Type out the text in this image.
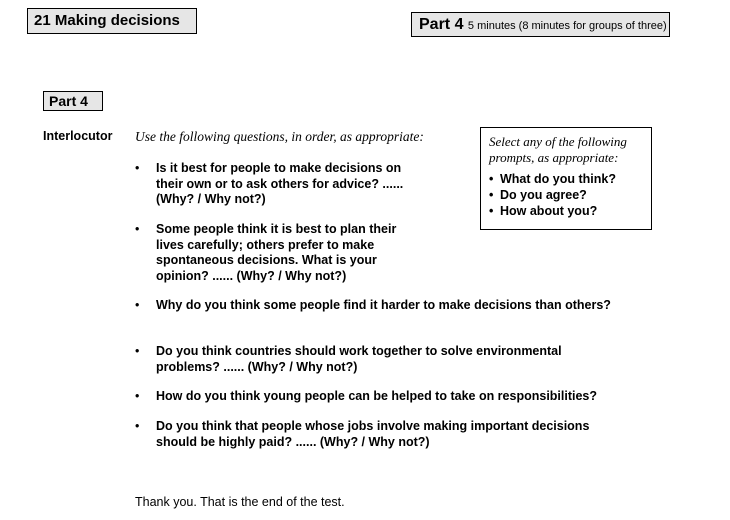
21 Making decisions	Part 4 5 minutes (8 minutes for groups of three)
Part 4
Interlocutor Use the following questions, in order, as appropriate:	Select any of the following prompts, as appropriate:

• What do you think?
• Do you agree?
• How about you?
• Is it best for people to make decisions on their own or to ask others for advice? ...... (Why? / Why not?)
• Some people think it is best to plan their lives carefully; others prefer to make spontaneous decisions. What is your opinion? ...... (Why? / Why not?)
• Why do you think some people find it harder to make decisions than others?
• Do you think countries should work together to solve environmental problems? ...... (Why? / Why not?)
• How do you think young people can be helped to take on responsibilities?
• Do you think that people whose jobs involve making important decisions should be highly paid? ...... (Why? / Why not?)
Thank you. That is the end of the test.
